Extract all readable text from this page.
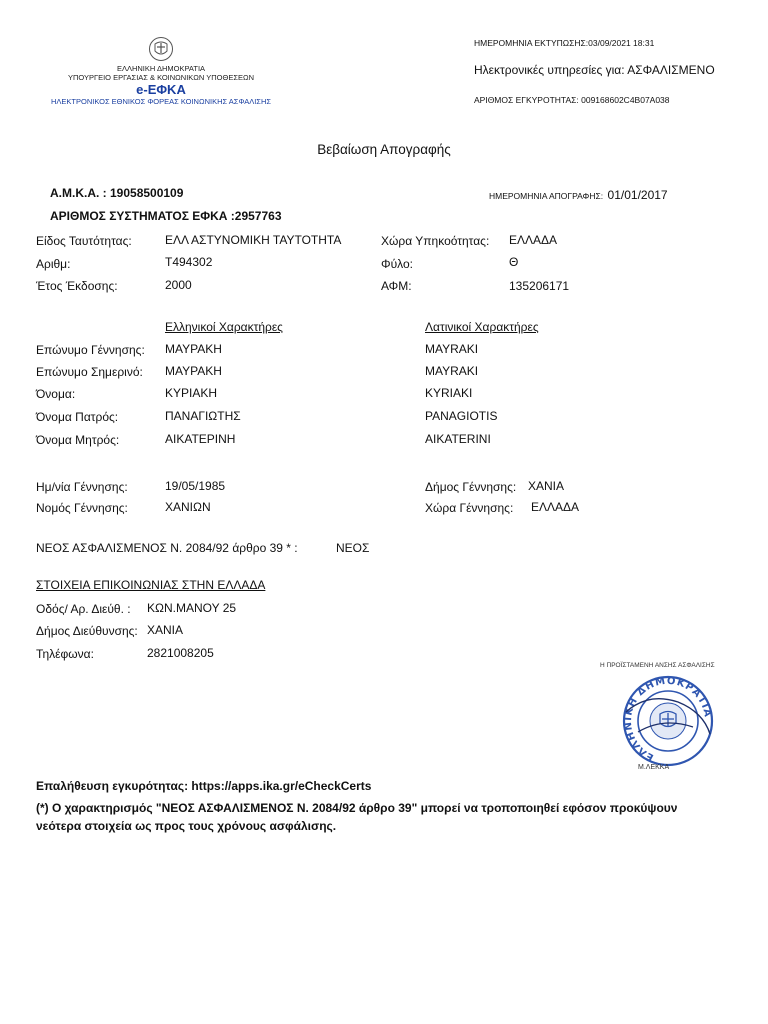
ΕΛΛΗΝΙΚΗ ΔΗΜΟΚΡΑΤΙΑ
ΥΠΟΥΡΓΕΙΟ ΕΡΓΑΣΙΑΣ & ΚΟΙΝΩΝΙΚΩΝ ΥΠΟΘΕΣΕΩΝ
e-ΕΦΚΑ
ΗΛΕΚΤΡΟΝΙΚΟΣ ΕΘΝΙΚΟΣ ΦΟΡΕΑΣ ΚΟΙΝΩΝΙΚΗΣ ΑΣΦΑΛΙΣΗΣ
ΗΜΕΡΟΜΗΝΙΑ ΕΚΤΥΠΩΣΗΣ:03/09/2021 18:31
Ηλεκτρονικές υπηρεσίες για: ΑΣΦΑΛΙΣΜΕΝΟ
ΑΡΙΘΜΟΣ ΕΓΚΥΡΟΤΗΤΑΣ: 009168602C4B07A038
Βεβαίωση Απογραφής
Α.Μ.Κ.Α. : 19058500109
ΑΡΙΘΜΟΣ ΣΥΣΤΗΜΑΤΟΣ ΕΦΚΑ :2957763
ΗΜΕΡΟΜΗΝΙΑ ΑΠΟΓΡΑΦΗΣ: 01/01/2017
Είδος Ταυτότητας:	ΕΛΛ ΑΣΤΥΝΟΜΙΚΗ ΤΑΥΤΟΤΗΤΑ	Χώρα Υπηκοότητας: ΕΛΛΑΔΑ
Αριθμ:	Τ494302	Φύλο:	Θ
Έτος Έκδοσης:	2000	ΑΦΜ:	135206171
Ελληνικοί Χαρακτήρες	Λατινικοί Χαρακτήρες
Επώνυμο Γέννησης: ΜΑΥΡΑΚΗ	MAYRAKI
Επώνυμο Σημερινό: ΜΑΥΡΑΚΗ	MAYRAKI
Όνομα:	ΚΥΡΙΑΚΗ	KYRIAKI
Όνομα Πατρός:	ΠΑΝΑΓΙΩΤΗΣ	PANAGIOTIS
Όνομα Μητρός:	ΑΙΚΑΤΕΡΙΝΗ	AIKATERINI
Ημ/νία Γέννησης:	19/05/1985	Δήμος Γέννησης: ΧΑΝΙΑ
Νομός Γέννησης:	ΧΑΝΙΩΝ	Χώρα Γέννησης: ΕΛΛΑΔΑ
ΝΕΟΣ ΑΣΦΑΛΙΣΜΕΝΟΣ Ν. 2084/92 άρθρο 39 * :	ΝΕΟΣ
ΣΤΟΙΧΕΙΑ ΕΠΙΚΟΙΝΩΝΙΑΣ ΣΤΗΝ ΕΛΛΑΔΑ
Οδός/ Αρ. Διεύθ. : ΚΩΝ.ΜΑΝΟΥ 25
Δήμος Διεύθυνσης: ΧΑΝΙΑ
Τηλέφωνα:	2821008205
Η ΠΡΟΪΣΤΑΜΕΝΗ ΑΝΣΗΣ ΑΣΦΑΛΙΣΗΣ
ΕΛΛΗΝΙΚΗ ΔΗΜΟΚΡΑΤΙΑ
Μ.ΛΕΚΚΑ
Επαλήθευση εγκυρότητας: https://apps.ika.gr/eCheckCerts
(*) Ο χαρακτηρισμός "ΝΕΟΣ ΑΣΦΑΛΙΣΜΕΝΟΣ Ν. 2084/92 άρθρο 39" μπορεί να τροποποιηθεί εφόσον προκύψουν
νεότερα στοιχεία ως προς τους χρόνους ασφάλισης.
